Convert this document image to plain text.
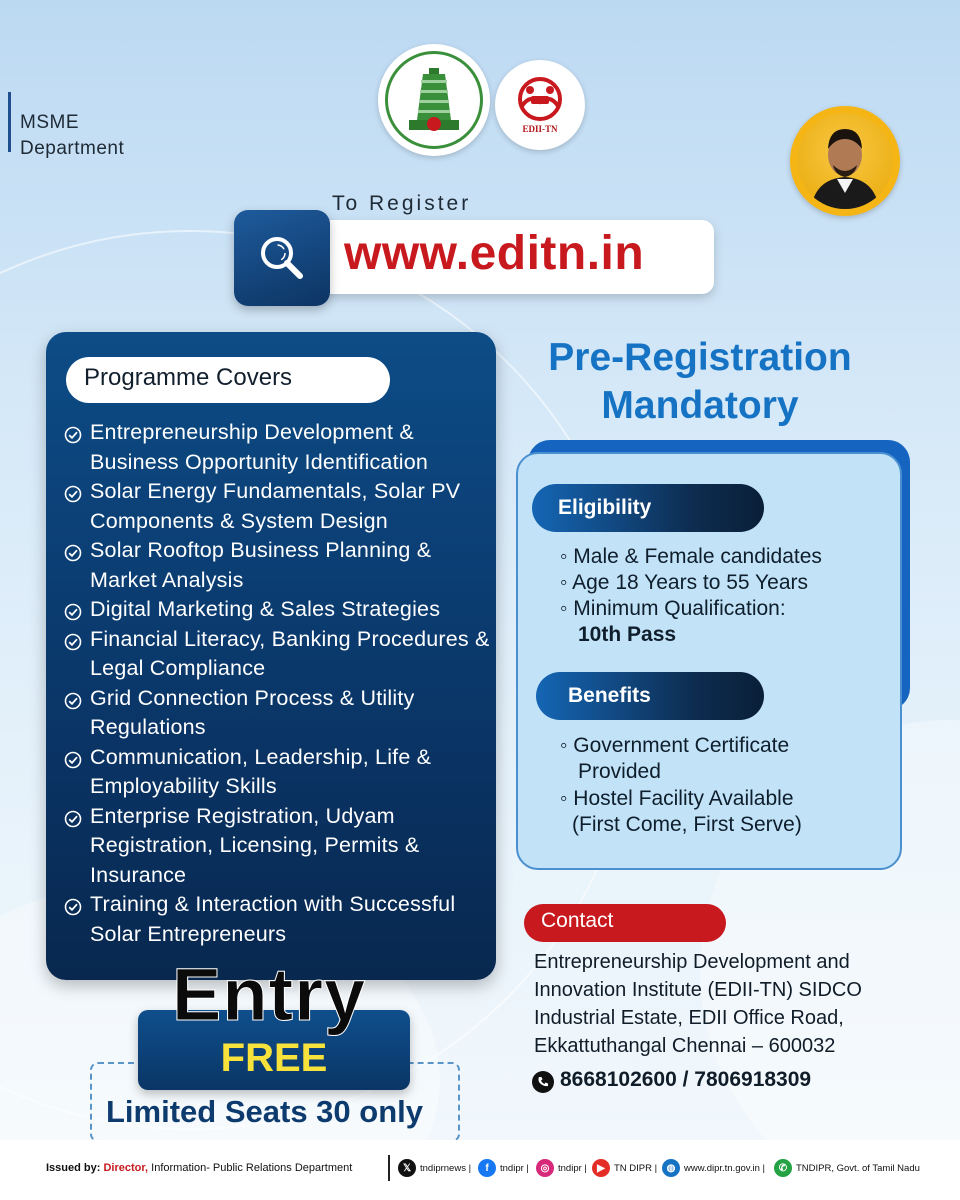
MSME
Department
EDII-TN
To Register
www.editn.in
Programme Covers
Entrepreneurship Development & Business Opportunity Identification
Solar Energy Fundamentals, Solar PV Components & System Design
Solar Rooftop Business Planning & Market Analysis
Digital Marketing & Sales Strategies
Financial Literacy, Banking Procedures & Legal Compliance
Grid Connection Process & Utility Regulations
Communication, Leadership, Life & Employability Skills
Enterprise Registration, Udyam Registration, Licensing, Permits & Insurance
Training & Interaction with Successful Solar Entrepreneurs
FREE
Entry
Limited Seats 30 only
Pre-Registration
Mandatory
Eligibility
◦ Male & Female candidates
◦ Age 18 Years to 55 Years
◦ Minimum Qualification:
10th Pass
Benefits
◦ Government Certificate
Provided
◦ Hostel Facility Available
(First Come, First Serve)
Contact
Entrepreneurship Development and Innovation Institute (EDII-TN) SIDCO Industrial Estate, EDII Office Road, Ekkattuthangal Chennai – 600032
8668102600 / 7806918309
Issued by: Director, Information- Public Relations Department	𝕏 tndiprnews |	f	tndipr |	◎ tndipr |	▶ TN DIPR | ◍ www.dipr.tn.gov.in |	✆ TNDIPR, Govt. of Tamil Nadu
